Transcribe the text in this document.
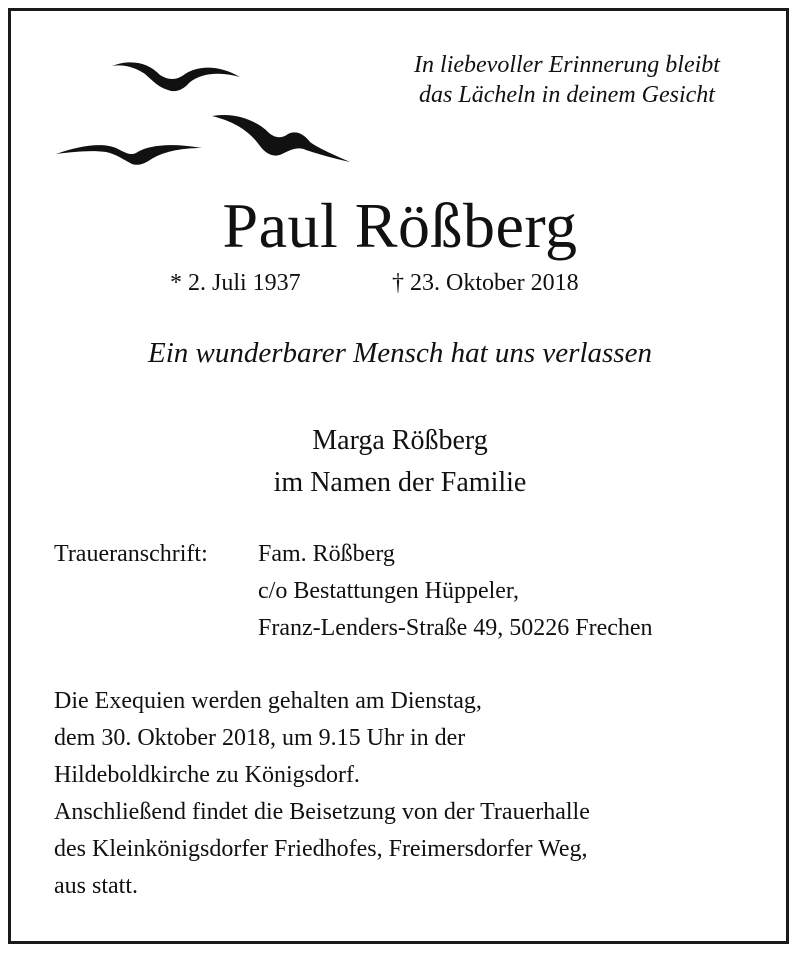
In liebevoller Erinnerung bleibt
das Lächeln in deinem Gesicht
Paul Rößberg
* 2. Juli 1937	† 23. Oktober 2018
Ein wunderbarer Mensch hat uns verlassen
Marga Rößberg
im Namen der Familie
Traueranschrift: Fam. Rößberg
c/o Bestattungen Hüppeler,
Franz-Lenders-Straße 49, 50226 Frechen
Die Exequien werden gehalten am Dienstag,
dem 30. Oktober 2018, um 9.15 Uhr in der
Hildeboldkirche zu Königsdorf.
Anschließend findet die Beisetzung von der Trauerhalle
des Kleinkönigsdorfer Friedhofes, Freimersdorfer Weg,
aus statt.
